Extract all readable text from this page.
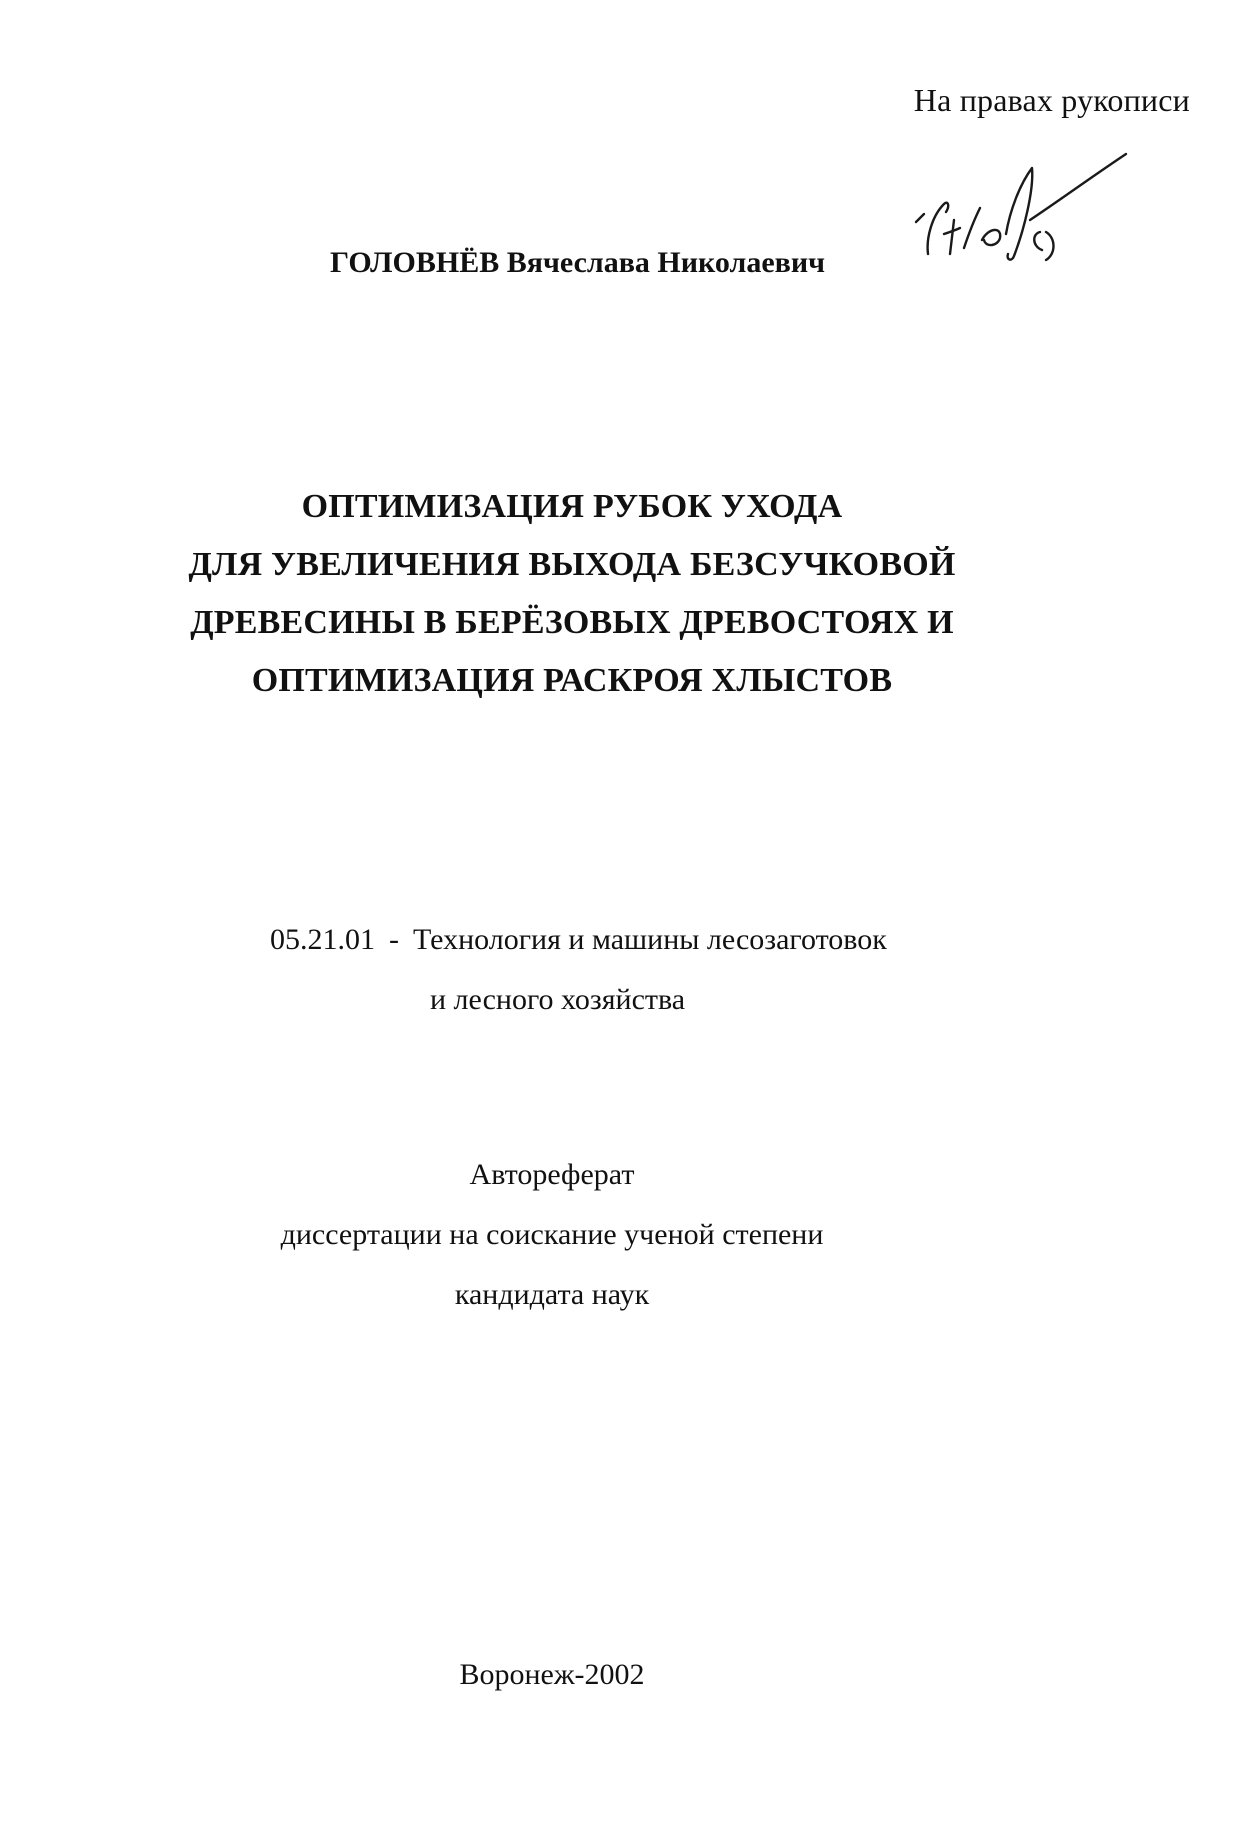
На правах рукописи
ГОЛОВНЁВ Вячеслава Николаевич
ОПТИМИЗАЦИЯ РУБОК УХОДА
ДЛЯ УВЕЛИЧЕНИЯ ВЫХОДА БЕЗСУЧКОВОЙ
ДРЕВЕСИНЫ В БЕРЁЗОВЫХ ДРЕВОСТОЯХ И
ОПТИМИЗАЦИЯ РАСКРОЯ ХЛЫСТОВ
05.21.01 - Технология и машины лесозаготовок
и лесного хозяйства
Автореферат
диссертации на соискание ученой степени
кандидата наук
Воронеж-2002
